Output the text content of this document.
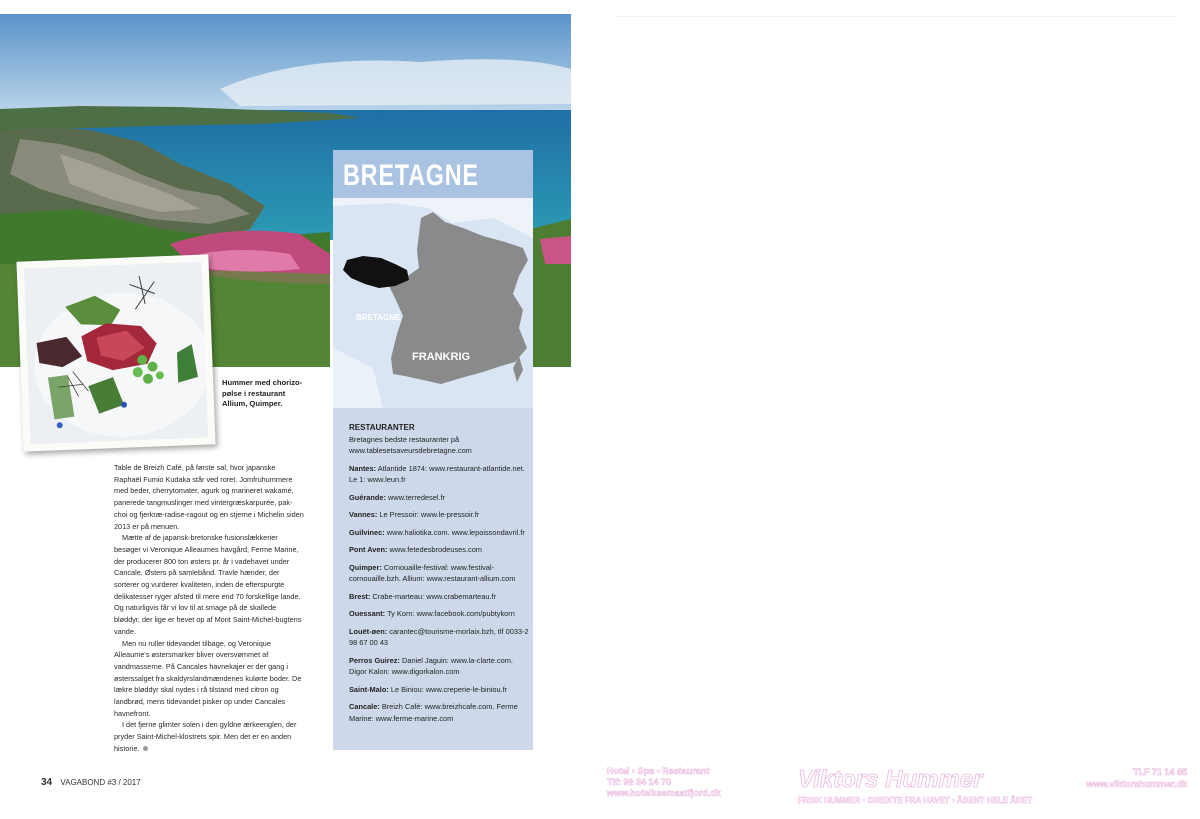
Hummer med chorizo-pølse i restaurant Allium, Quimper.

Table de Breizh Café, på første sal, hvor japanske Raphaël Fumio Kudaka står ved roret. Jomfruhummere med beder, cherrytomater, agurk og marineret wakamé, panerede tangmuslinger med vintergræskarpurée, pak-choi og fjerkræ-radise-ragout og en stjerne i Michelin siden 2013 er på menuen.

Mætte af de japansk-bretonske fusionslækkerier besøger vi Veronique Alleaumes havgård, Ferme Marine, der producerer 800 ton østers pr. år i vadehavet under Cancale. Østers på samlebånd. Travle hænder, der sorterer og vurderer kvaliteten, inden de efterspurgte delikatesser ryger afsted til mere end 70 forskellige lande. Og naturligvis får vi lov til at smage på de skallede bløddyr, der lige er hevet op af Mont Saint-Michel-bugtens vande.

Men nu ruller tidevandet tilbage, og Veronique Alleaume's østersmarker bliver oversvømmet af vandmasserne. På Cancales havnekajer er der gang i østerssalget fra skaldyrslandmændenes kulørte boder. De lækre bløddyr skal nydes i rå tilstand med citron og landbrød, mens tidevandet pisker op under Cancales havnefront.

I det fjerne glimter solen i den gyldne ærkeenglen, der pryder Saint-Michel-klostrets spir. Men det er en anden historie.

34 VAGABOND #3 / 2017
BRETAGNE
BRETAGNE
FRANKRIG
RESTAURANTER
Bretagnes bedste restauranter på www.tablesetsaveursdebretagne.com
Nantes: Atlantide 1874: www.restaurant-atlantide.net. Le 1: www.leun.fr
Guérande: www.terredesel.fr
Vannes: Le Pressoir: www.le-pressoir.fr
Guilvinec: www.haliotika.com. www.lepoissondavril.fr
Pont Aven: www.fetedesbrodeuses.com
Quimper: Cornouaille-festival: www.festival-cornouaille.bzh. Allium: www.restaurant-allium.com
Brest: Crabe-marteau: www.crabemarteau.fr
Ouessant: Ty Korn: www.facebook.com/pubtykorn
Louët-øen: carantec@tourisme-morlaix.bzh, tlf 0033-2 98 67 00 43
Perros Guirez: Daniel Jaguin: www.la-clarte.com. Digor Kalon: www.digorkalon.com
Saint-Malo: Le Biniou: www.creperie-le-biniou.fr
Cancale: Breizh Café: www.breizhcafe.com. Ferme Marine: www.ferme-marine.com
Hotel • Spa • Restaurant
Tlf: 98 34 14 70
www.hotelkeemaatfjord.dk	Viktors Hummer
FRISK HUMMER • DIREKTE FRA HAVET • ÅBENT HELE ÅRET
TLF 71 14 85
www.viktorshummer.dk
